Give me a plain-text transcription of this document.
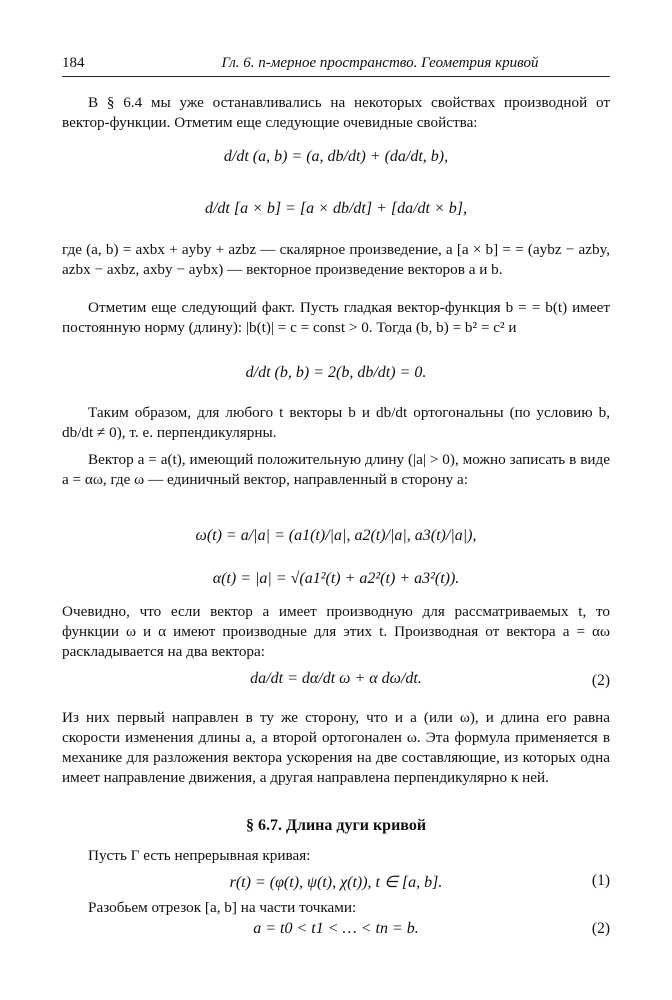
184	Гл. 6. n-мерное пространство. Геометрия кривой
В § 6.4 мы уже останавливались на некоторых свойствах производной от вектор-функции. Отметим еще следующие очевидные свойства:
d/dt (a, b) = (a, db/dt) + (da/dt, b),
d/dt [a × b] = [a × db/dt] + [da/dt × b],
где (a, b) = axbx + ayby + azbz — скалярное произведение, а [a × b] = = (aybz − azby, azbx − axbz, axby − aybx) — векторное произведение векторов a и b.
Отметим еще следующий факт. Пусть гладкая вектор-функция b = = b(t) имеет постоянную норму (длину): |b(t)| = c = const > 0. Тогда (b, b) = b² = c² и
d/dt (b, b) = 2(b, db/dt) = 0.
Таким образом, для любого t векторы b и db/dt ортогональны (по условию b, db/dt ≠ 0), т. е. перпендикулярны.
Вектор a = a(t), имеющий положительную длину (|a| > 0), можно записать в виде a = αω, где ω — единичный вектор, направленный в сторону a:
ω(t) = a/|a| = (a1(t)/|a|, a2(t)/|a|, a3(t)/|a|),
α(t) = |a| = √(a1²(t) + a2²(t) + a3²(t)).
Очевидно, что если вектор a имеет производную для рассматриваемых t, то функции ω и α имеют производные для этих t. Производная от вектора a = αω раскладывается на два вектора:
da/dt = dα/dt ω + α dω/dt.	(2)
Из них первый направлен в ту же сторону, что и a (или ω), и длина его равна скорости изменения длины a, а второй ортогонален ω. Эта формула применяется в механике для разложения вектора ускорения на две составляющие, из которых одна имеет направление движения, а другая направлена перпендикулярно к ней.
§ 6.7. Длина дуги кривой
Пусть Γ есть непрерывная кривая:
r(t) = (φ(t), ψ(t), χ(t)), t ∈ [a, b].	(1)
Разобьем отрезок [a, b] на части точками:
a = t0 < t1 < … < tn = b.	(2)
